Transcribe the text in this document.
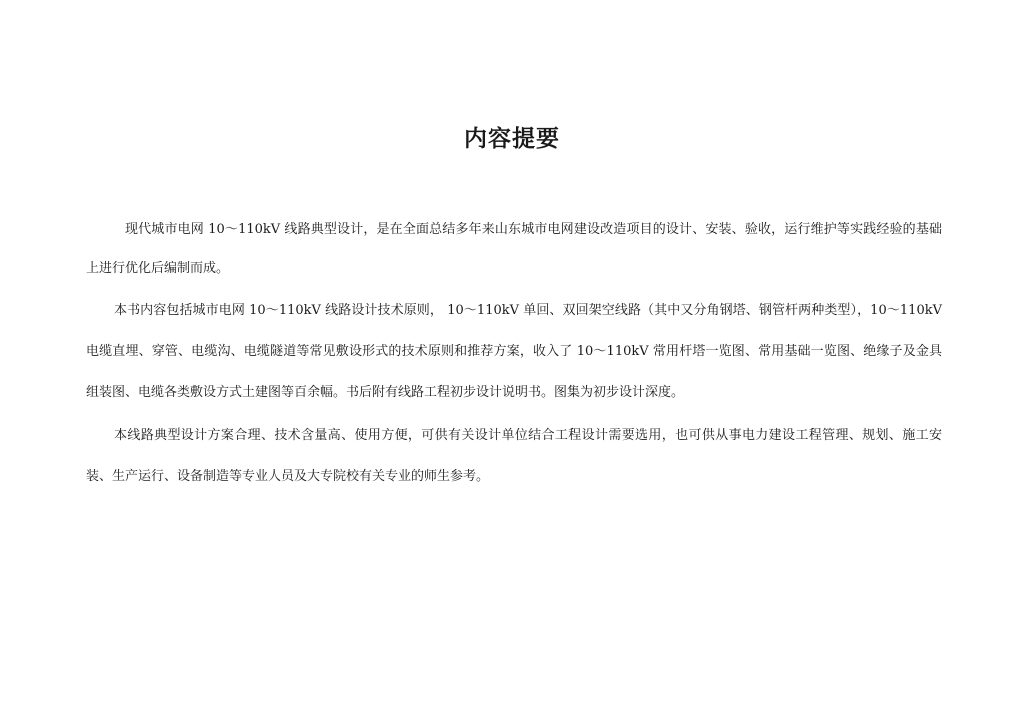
内容提要

现代城市电网 10～110kV 线路典型设计，是在全面总结多年来山东城市电网建设改造项目的设计、安装、验收，运行维护等实践经验的基础上进行优化后编制而成。

本书内容包括城市电网 10～110kV 线路设计技术原则， 10～110kV 单回、双回架空线路（其中又分角钢塔、钢管杆两种类型），10～110kV 电缆直埋、穿管、电缆沟、电缆隧道等常见敷设形式的技术原则和推荐方案，收入了 10～110kV 常用杆塔一览图、常用基础一览图、绝缘子及金具组装图、电缆各类敷设方式土建图等百余幅。书后附有线路工程初步设计说明书。图集为初步设计深度。

本线路典型设计方案合理、技术含量高、使用方便，可供有关设计单位结合工程设计需要选用，也可供从事电力建设工程管理、规划、施工安装、生产运行、设备制造等专业人员及大专院校有关专业的师生参考。
